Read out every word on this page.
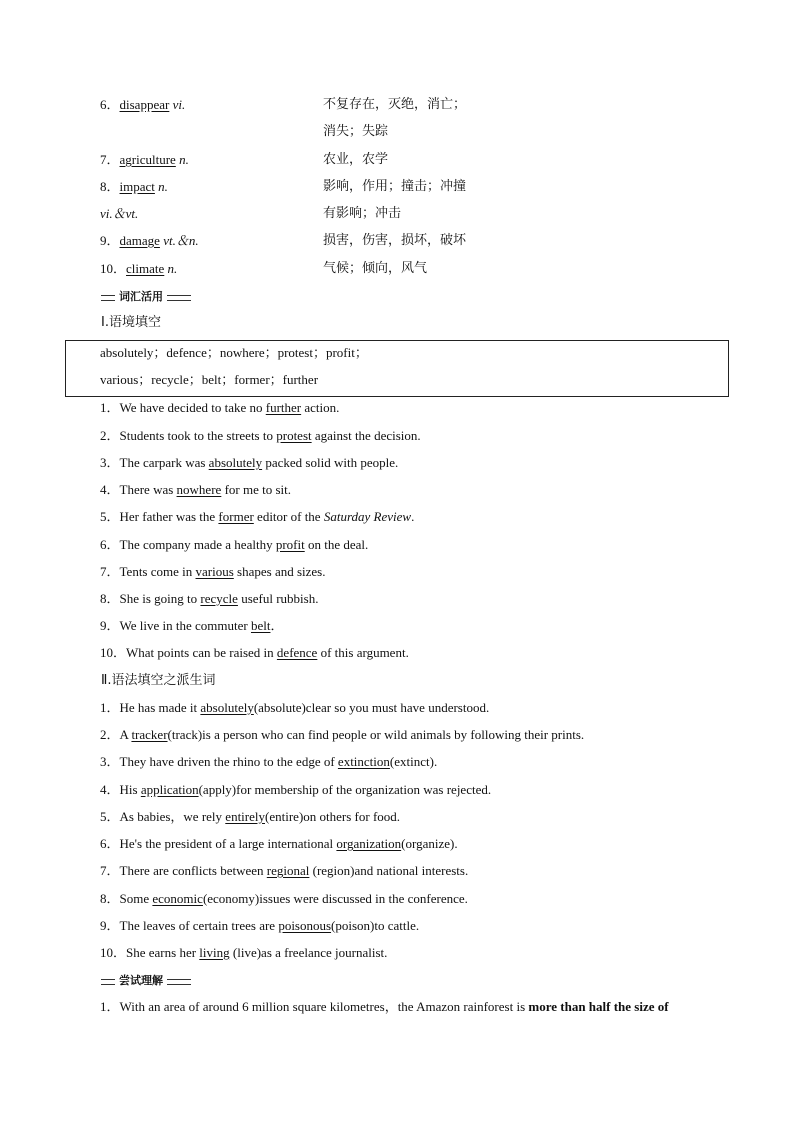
6．disappear vi.	不复存在，灭绝，消亡；
消失；失踪
7．agriculture n.	农业，农学
8．impact n.	影响，作用；撞击；冲撞
vi.＆vt.	有影响；冲击
9．damage vt.＆n.	损害，伤害，损坏，破坏
10．climate n.	气候；倾向，风气
词汇活用
Ⅰ.语境填空
absolutely；defence；nowhere；protest；profit；
various；recycle；belt；former；further
1．We have decided to take no further action.
2．Students took to the streets to protest against the decision.
3．The carpark was absolutely packed solid with people.
4．There was nowhere for me to sit.
5．Her father was the former editor of the Saturday Review.
6．The company made a healthy profit on the deal.
7．Tents come in various shapes and sizes.
8．She is going to recycle useful rubbish.
9．We live in the commuter belt．
10．What points can be raised in defence of this argument.
Ⅱ.语法填空之派生词
1．He has made it absolutely(absolute)clear so you must have understood.
2．A tracker(track)is a person who can find people or wild animals by following their prints.
3．They have driven the rhino to the edge of extinction(extinct).
4．His application(apply)for membership of the organization was rejected.
5．As babies，we rely entirely(entire)on others for food.
6．He's the president of a large international organization(organize).
7．There are conflicts between regional (region)and national interests.
8．Some economic(economy)issues were discussed in the conference.
9．The leaves of certain trees are poisonous(poison)to cattle.
10．She earns her living (live)as a freelance journalist.
尝试理解
1．With an area of around 6 million square kilometres，the Amazon rainforest is more than half the size of
